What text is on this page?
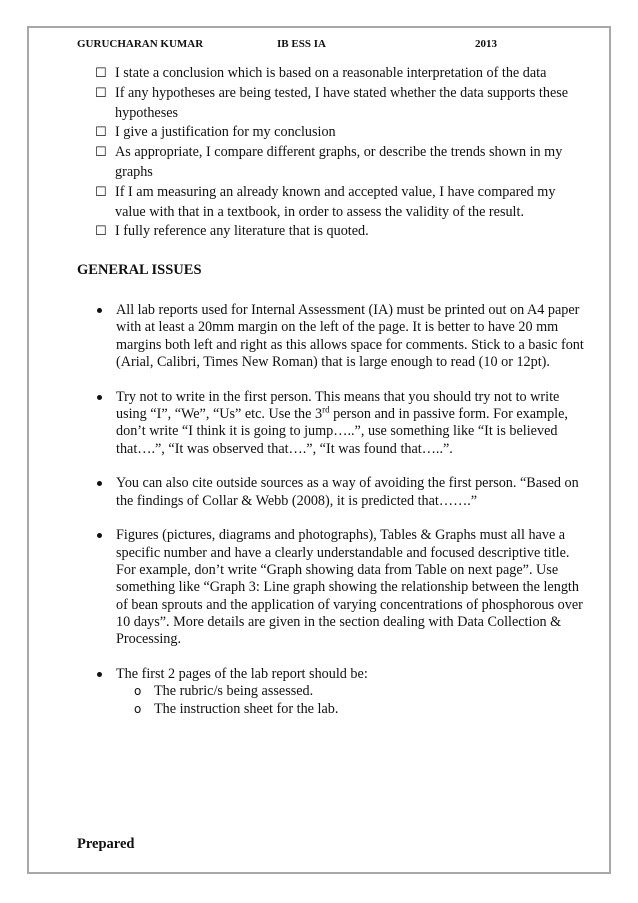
GURUCHARAN KUMAR	IB ESS IA	2013
☐ I state a conclusion which is based on a reasonable interpretation of the data
☐ If any hypotheses are being tested, I have stated whether the data supports these hypotheses
☐ I give a justification for my conclusion
☐ As appropriate, I compare different graphs, or describe the trends shown in my graphs
☐ If I am measuring an already known and accepted value, I have compared my value with that in a textbook, in order to assess the validity of the result.
☐ I fully reference any literature that is quoted.
GENERAL ISSUES
All lab reports used for Internal Assessment (IA) must be printed out on A4 paper with at least a 20mm margin on the left of the page. It is better to have 20 mm margins both left and right as this allows space for comments. Stick to a basic font (Arial, Calibri, Times New Roman) that is large enough to read (10 or 12pt).
Try not to write in the first person. This means that you should try not to write using “I”, “We”, “Us” etc. Use the 3rd person and in passive form. For example, don’t write “I think it is going to jump…..”, use something like “It is believed that….”, “It was observed that….”, “It was found that…..”.
You can also cite outside sources as a way of avoiding the first person. “Based on the findings of Collar & Webb (2008), it is predicted that…….”
Figures (pictures, diagrams and photographs), Tables & Graphs must all have a specific number and have a clearly understandable and focused descriptive title. For example, don’t write “Graph showing data from Table on next page”. Use something like “Graph 3: Line graph showing the relationship between the length of bean sprouts and the application of varying concentrations of phosphorous over 10 days”. More details are given in the section dealing with Data Collection & Processing.
The first 2 pages of the lab report should be:
o The rubric/s being assessed.
o The instruction sheet for the lab.
Prepared
